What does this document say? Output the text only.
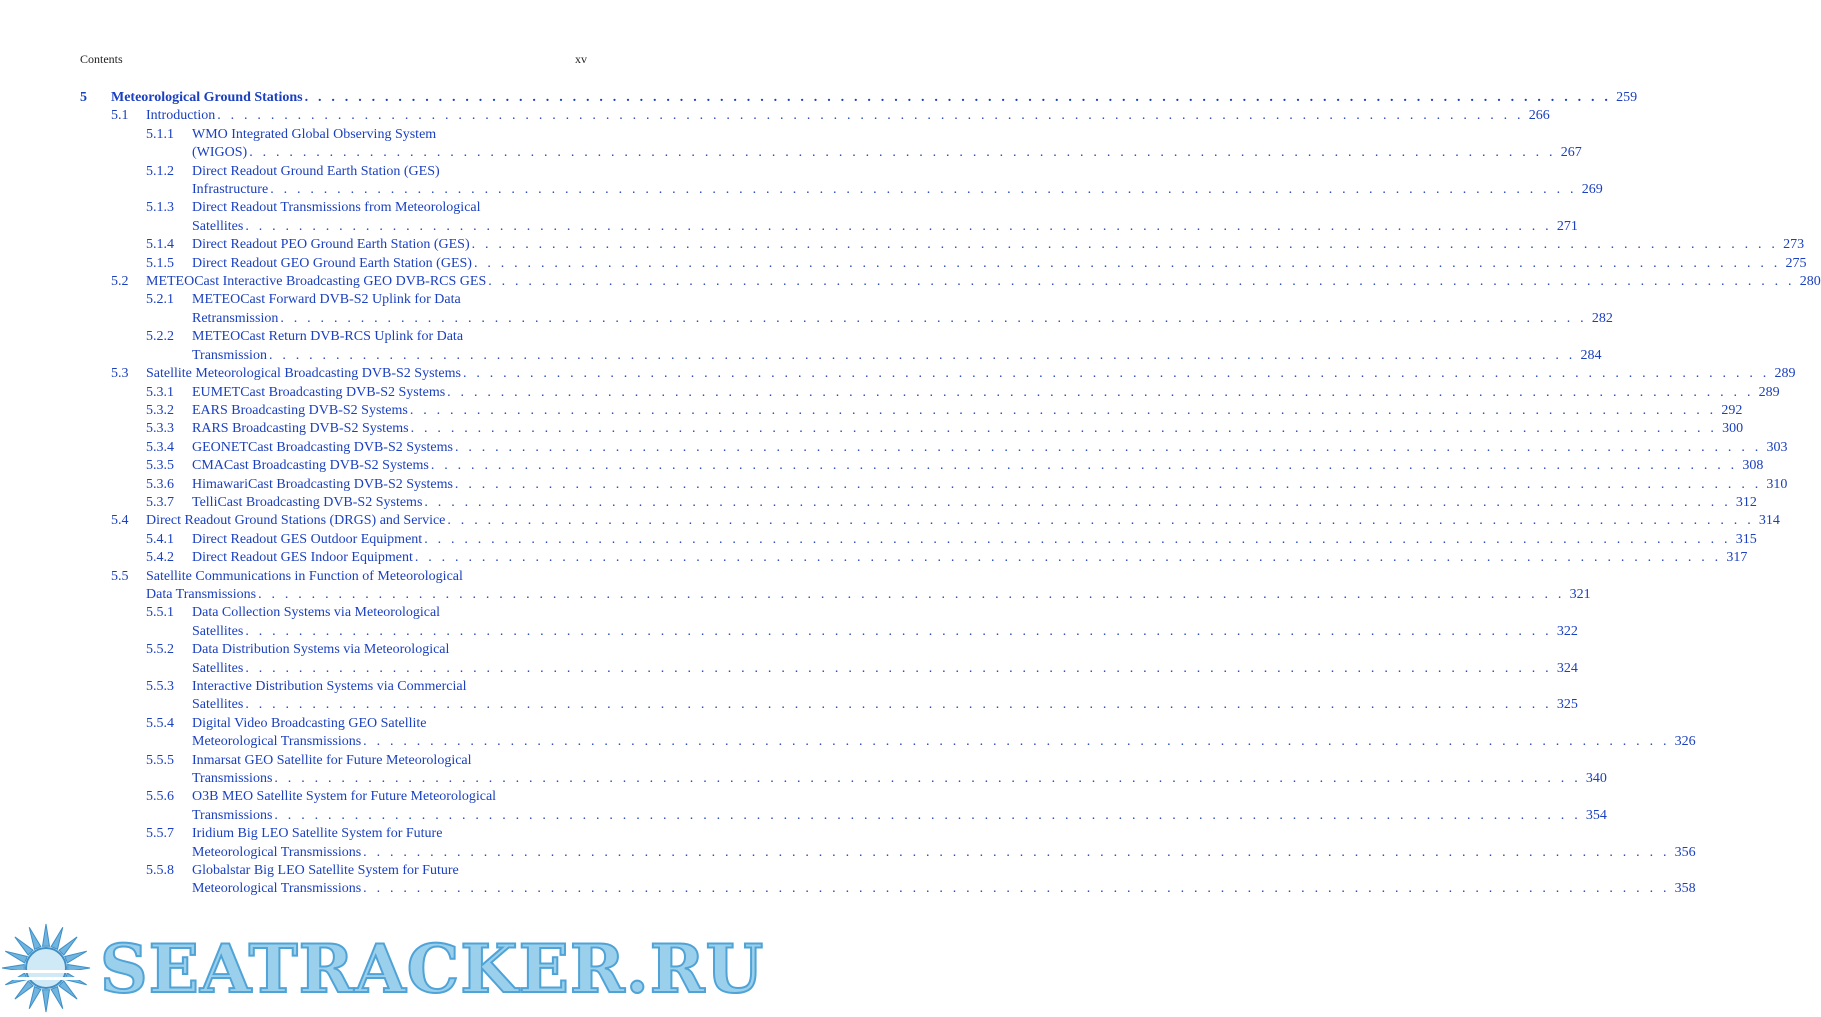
Contents	xv
5	Meteorological Ground Stations . . .	259
5.1	Introduction . . .	266
5.1.1	WMO Integrated Global Observing System
(WIGOS) . . .	267
5.1.2	Direct Readout Ground Earth Station (GES)
Infrastructure . . .	269
5.1.3	Direct Readout Transmissions from Meteorological
Satellites . . .	271
5.1.4	Direct Readout PEO Ground Earth Station (GES) . . .	273
5.1.5	Direct Readout GEO Ground Earth Station (GES) . . .	275
5.2	METEOCast Interactive Broadcasting GEO DVB-RCS GES . . .	280
5.2.1	METEOCast Forward DVB-S2 Uplink for Data
Retransmission . . .	282
5.2.2	METEOCast Return DVB-RCS Uplink for Data
Transmission . . .	284
5.3	Satellite Meteorological Broadcasting DVB-S2 Systems . . .	289
5.3.1	EUMETCast Broadcasting DVB-S2 Systems . . .	289
5.3.2	EARS Broadcasting DVB-S2 Systems . . .	292
5.3.3	RARS Broadcasting DVB-S2 Systems . . .	300
5.3.4	GEONETCast Broadcasting DVB-S2 Systems . . .	303
5.3.5	CMACast Broadcasting DVB-S2 Systems . . .	308
5.3.6	HimawariCast Broadcasting DVB-S2 Systems . . .	310
5.3.7	TelliCast Broadcasting DVB-S2 Systems . . .	312
5.4	Direct Readout Ground Stations (DRGS) and Service . . .	314
5.4.1	Direct Readout GES Outdoor Equipment . . .	315
5.4.2	Direct Readout GES Indoor Equipment . . .	317
5.5	Satellite Communications in Function of Meteorological
Data Transmissions . . .	321
5.5.1	Data Collection Systems via Meteorological
Satellites . . .	322
5.5.2	Data Distribution Systems via Meteorological
Satellites . . .	324
5.5.3	Interactive Distribution Systems via Commercial
Satellites . . .	325
5.5.4	Digital Video Broadcasting GEO Satellite
Meteorological Transmissions . . .	326
5.5.5	Inmarsat GEO Satellite for Future Meteorological
Transmissions . . .	340
5.5.6	O3B MEO Satellite System for Future Meteorological
Transmissions . . .	354
5.5.7	Iridium Big LEO Satellite System for Future
Meteorological Transmissions . . .	356
5.5.8	Globalstar Big LEO Satellite System for Future
Meteorological Transmissions . . .	358
SEATRACKER.RU
